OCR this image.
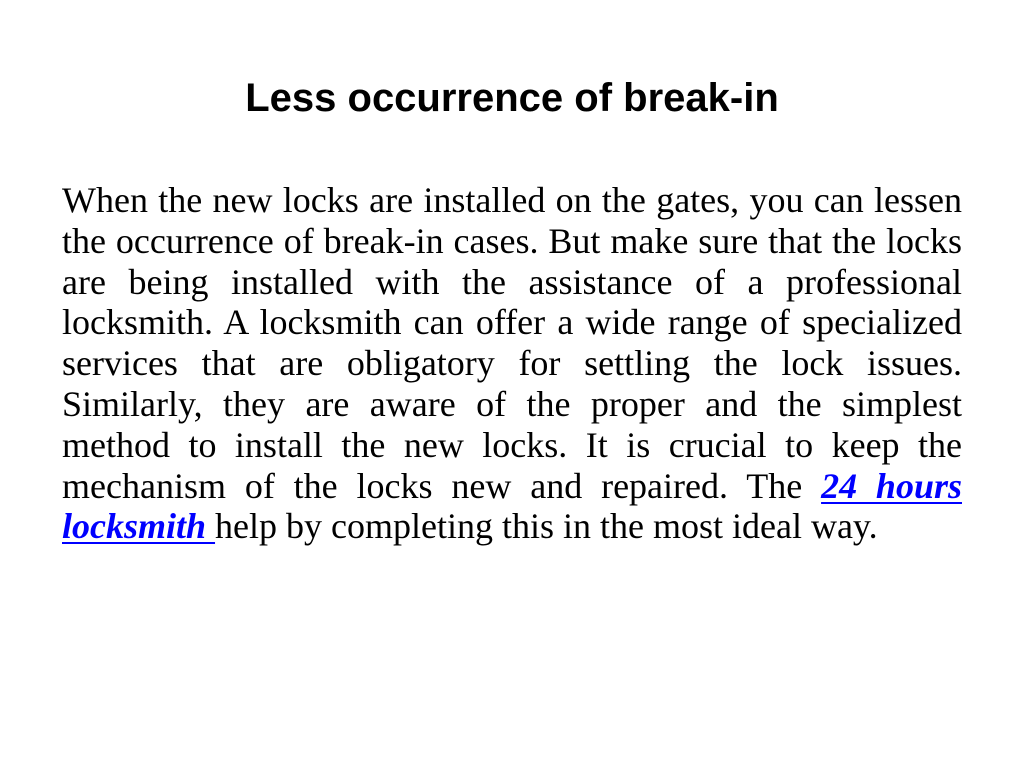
Less occurrence of break-in

When the new locks are installed on the gates, you can lessen the occurrence of break-in cases. But make sure that the locks are being installed with the assistance of a professional locksmith. A locksmith can offer a wide range of specialized services that are obligatory for settling the lock issues. Similarly, they are aware of the proper and the simplest method to install the new locks. It is crucial to keep the mechanism of the locks new and repaired. The 24 hours locksmith help by completing this in the most ideal way.
